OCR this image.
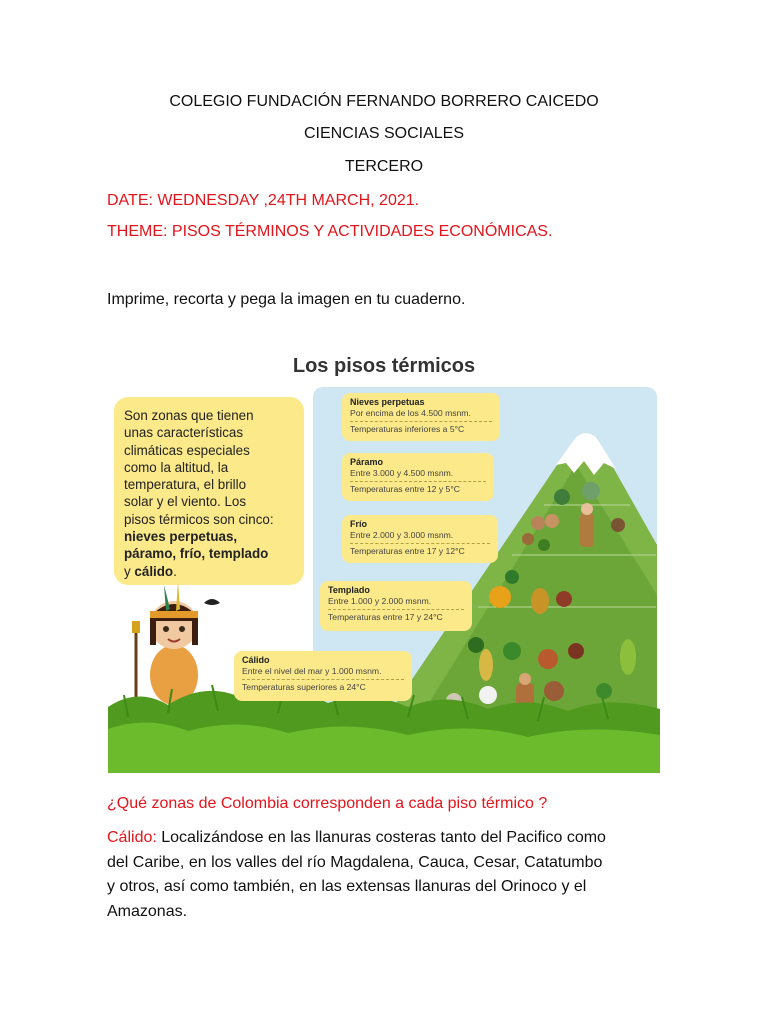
COLEGIO FUNDACIÓN FERNANDO BORRERO CAICEDO
CIENCIAS SOCIALES
TERCERO
DATE: WEDNESDAY ,24TH MARCH, 2021.
THEME: PISOS TÉRMINOS Y ACTIVIDADES ECONÓMICAS.
Imprime, recorta y pega la imagen en tu cuaderno.
Los pisos térmicos
Son zonas que tienen
unas características
climáticas especiales
como la altitud, la
temperatura, el brillo
solar y el viento. Los
pisos térmicos son cinco:
nieves perpetuas,
páramo, frío, templado
y cálido.
Nieves perpetuas
Por encima de los 4.500 msnm.
Temperaturas inferiores a 5°C
Páramo
Entre 3.000 y 4.500 msnm.
Temperaturas entre 12 y 5°C
Frío
Entre 2.000 y 3.000 msnm.
Temperaturas entre 17 y 12°C
Templado
Entre 1.000 y 2.000 msnm.
Temperaturas entre 17 y 24°C
Cálido
Entre el nivel del mar y 1.000 msnm.
Temperaturas superiores a 24°C
¿Qué zonas de Colombia corresponden a cada piso térmico ?
Cálido: Localizándose en las llanuras costeras tanto del Pacifico como
del Caribe, en los valles del río Magdalena, Cauca, Cesar, Catatumbo
y otros, así como también, en las extensas llanuras del Orinoco y el
Amazonas.
